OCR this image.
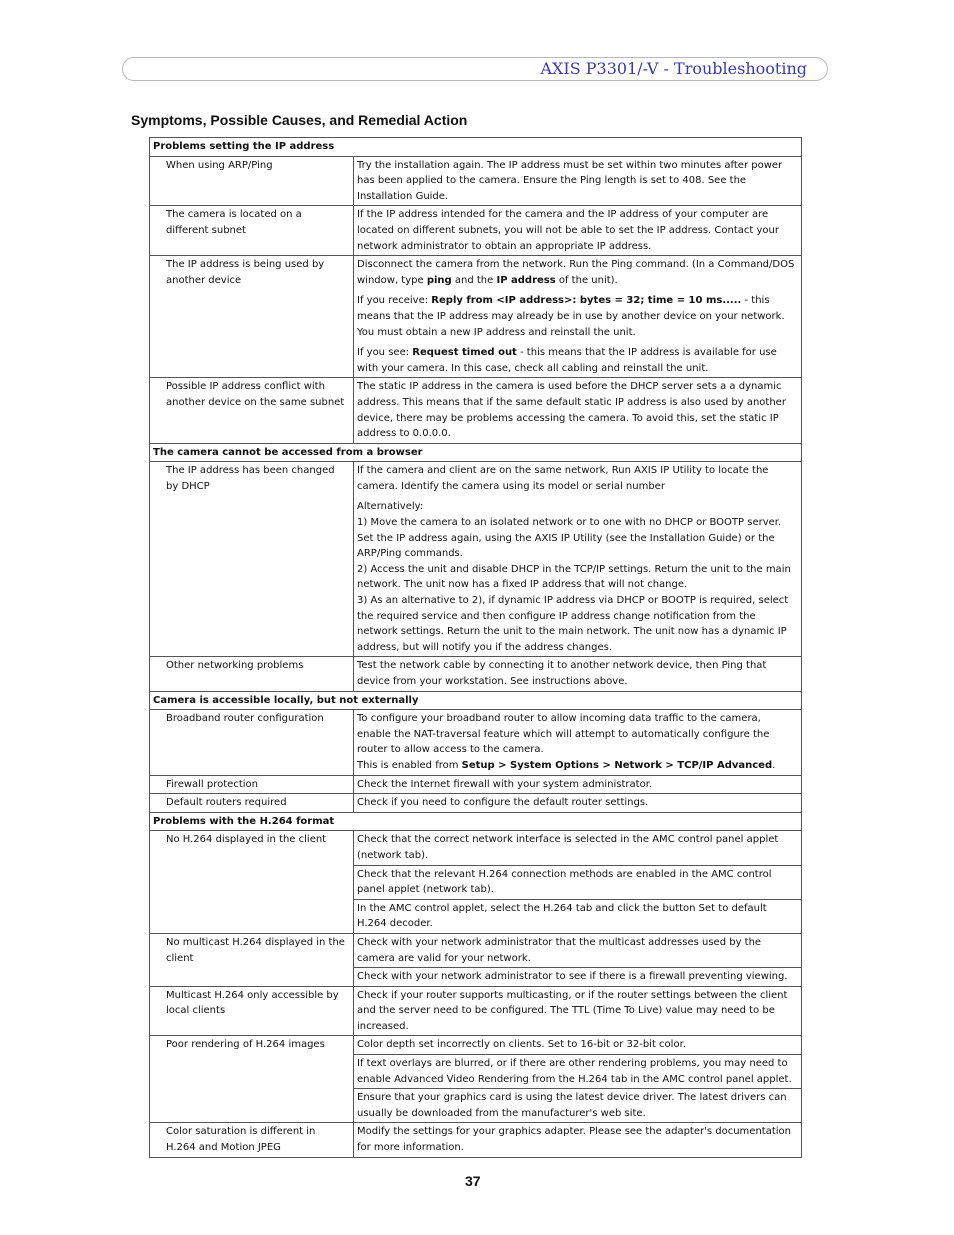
AXIS P3301/-V - Troubleshooting
Symptoms, Possible Causes, and Remedial Action
Problems setting the IP address	
When using ARP/Ping	Try the installation again. The IP address must be set within two minutes after power has been applied to the camera. Ensure the Ping length is set to 408. See the Installation Guide.
The camera is located on a different subnet	If the IP address intended for the camera and the IP address of your computer are located on different subnets, you will not be able to set the IP address. Contact your network administrator to obtain an appropriate IP address.
The IP address is being used by another device	Disconnect the camera from the network. Run the Ping command. (In a Command/DOS window, type ping and the IP address of the unit).

If you receive: Reply from <IP address>: bytes = 32; time = 10 ms..... - this means that the IP address may already be in use by another device on your network. You must obtain a new IP address and reinstall the unit.

If you see: Request timed out - this means that the IP address is available for use with your camera. In this case, check all cabling and reinstall the unit.

Possible IP address conflict with another device on the same subnet	The static IP address in the camera is used before the DHCP server sets a a dynamic address. This means that if the same default static IP address is also used by another device, there may be problems accessing the camera. To avoid this, set the static IP address to 0.0.0.0.
The camera cannot be accessed from a browser	
The IP address has been changed by DHCP	If the camera and client are on the same network, Run AXIS IP Utility to locate the camera. Identify the camera using its model or serial number

Alternatively:

1) Move the camera to an isolated network or to one with no DHCP or BOOTP server. Set the IP address again, using the AXIS IP Utility (see the Installation Guide) or the ARP/Ping commands.

2) Access the unit and disable DHCP in the TCP/IP settings. Return the unit to the main network. The unit now has a fixed IP address that will not change.

3) As an alternative to 2), if dynamic IP address via DHCP or BOOTP is required, select the required service and then configure IP address change notification from the network settings. Return the unit to the main network. The unit now has a dynamic IP address, but will notify you if the address changes.

Other networking problems	Test the network cable by connecting it to another network device, then Ping that device from your workstation. See instructions above.
Camera is accessible locally, but not externally	
Broadband router configuration	To configure your broadband router to allow incoming data traffic to the camera, enable the NAT-traversal feature which will attempt to automatically configure the router to allow access to the camera.

This is enabled from Setup > System Options > Network > TCP/IP Advanced.

Firewall protection	Check the Internet firewall with your system administrator.
Default routers required	Check if you need to configure the default router settings.
Problems with the H.264 format	
No H.264 displayed in the client	Check that the correct network interface is selected in the AMC control panel applet (network tab).
	Check that the relevant H.264 connection methods are enabled in the AMC control panel applet (network tab).
	In the AMC control applet, select the H.264 tab and click the button Set to default H.264 decoder.
No multicast H.264 displayed in the client	Check with your network administrator that the multicast addresses used by the camera are valid for your network.
	Check with your network administrator to see if there is a firewall preventing viewing.
Multicast H.264 only accessible by local clients	Check if your router supports multicasting, or if the router settings between the client and the server need to be configured. The TTL (Time To Live) value may need to be increased.
Poor rendering of H.264 images	Color depth set incorrectly on clients. Set to 16-bit or 32-bit color.
	If text overlays are blurred, or if there are other rendering problems, you may need to enable Advanced Video Rendering from the H.264 tab in the AMC control panel applet.
	Ensure that your graphics card is using the latest device driver. The latest drivers can usually be downloaded from the manufacturer's web site.
Color saturation is different in H.264 and Motion JPEG	Modify the settings for your graphics adapter. Please see the adapter's documentation for more information.
37
